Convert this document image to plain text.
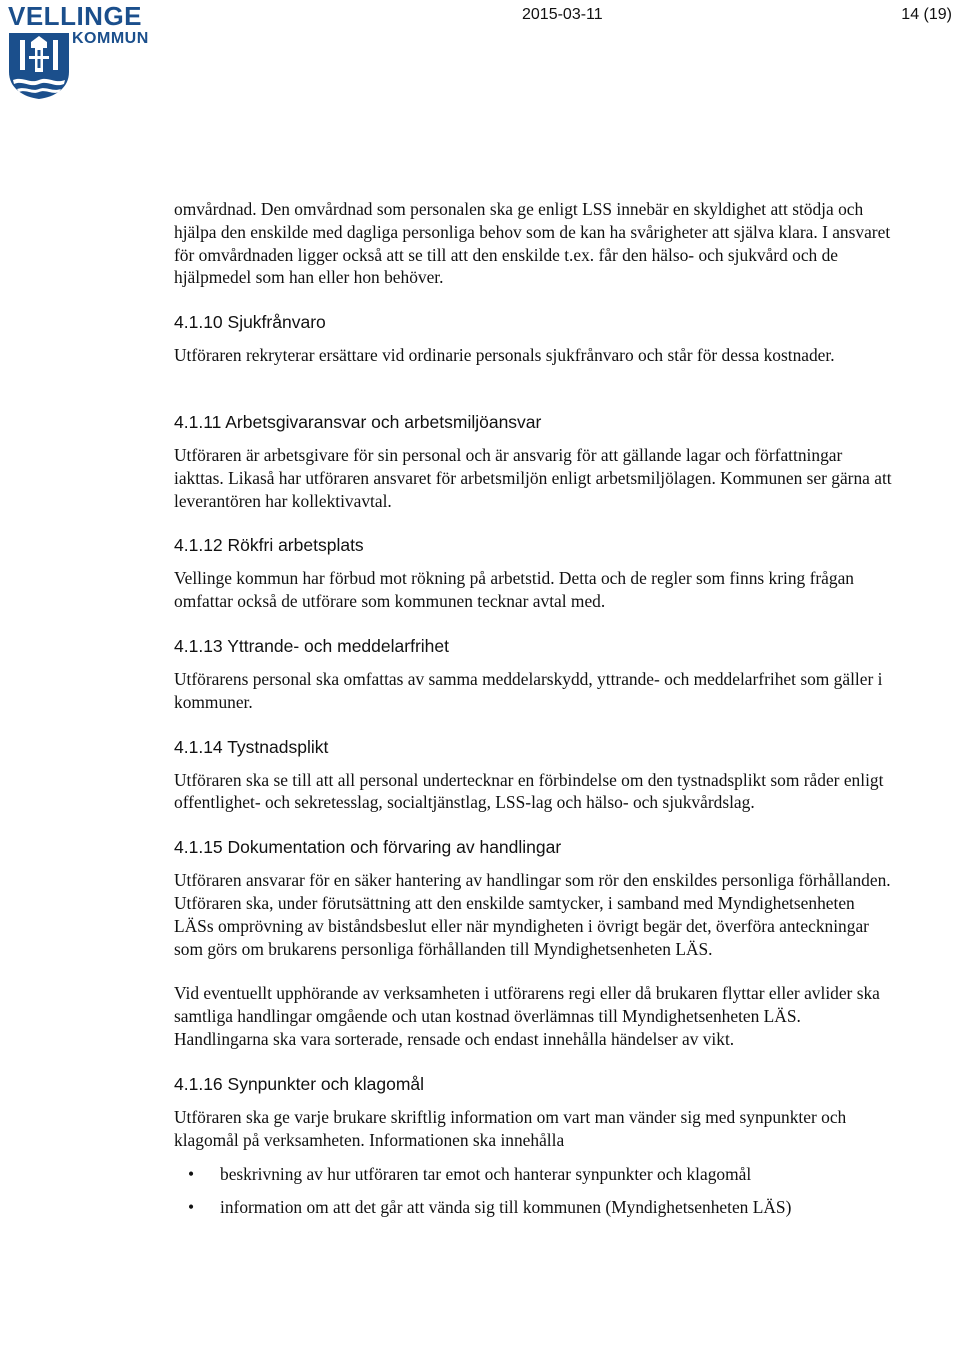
VELLINGE
KOMMUN
2015-03-11	14 (19)

omvårdnad. Den omvårdnad som personalen ska ge enligt LSS innebär en skyldighet att stödja och hjälpa den enskilde med dagliga personliga behov som de kan ha svårigheter att själva klara. I ansvaret för omvårdnaden ligger också att se till att den enskilde t.ex. får den hälso- och sjukvård och de hjälpmedel som han eller hon behöver.

4.1.10 Sjukfrånvaro

Utföraren rekryterar ersättare vid ordinarie personals sjukfrånvaro och står för dessa kostnader.

4.1.11 Arbetsgivaransvar och arbetsmiljöansvar

Utföraren är arbetsgivare för sin personal och är ansvarig för att gällande lagar och författningar iakttas. Likaså har utföraren ansvaret för arbetsmiljön enligt arbetsmiljölagen. Kommunen ser gärna att leverantören har kollektivavtal.

4.1.12 Rökfri arbetsplats

Vellinge kommun har förbud mot rökning på arbetstid. Detta och de regler som finns kring frågan omfattar också de utförare som kommunen tecknar avtal med.

4.1.13 Yttrande- och meddelarfrihet

Utförarens personal ska omfattas av samma meddelarskydd, yttrande- och meddelarfrihet som gäller i kommuner.

4.1.14 Tystnadsplikt

Utföraren ska se till att all personal undertecknar en förbindelse om den tystnadsplikt som råder enligt offentlighet- och sekretesslag, socialtjänstlag, LSS-lag och hälso- och sjukvårdslag.

4.1.15 Dokumentation och förvaring av handlingar

Utföraren ansvarar för en säker hantering av handlingar som rör den enskildes personliga förhållanden. Utföraren ska, under förutsättning att den enskilde samtycker, i samband med Myndighetsenheten LÄSs omprövning av biståndsbeslut eller när myndigheten i övrigt begär det, överföra anteckningar som görs om brukarens personliga förhållanden till Myndighetsenheten LÄS.

Vid eventuellt upphörande av verksamheten i utförarens regi eller då brukaren flyttar eller avlider ska samtliga handlingar omgående och utan kostnad överlämnas till Myndighetsenheten LÄS. Handlingarna ska vara sorterade, rensade och endast innehålla händelser av vikt.

4.1.16 Synpunkter och klagomål

Utföraren ska ge varje brukare skriftlig information om vart man vänder sig med synpunkter och klagomål på verksamheten. Informationen ska innehålla

• beskrivning av hur utföraren tar emot och hanterar synpunkter och klagomål
• information om att det går att vända sig till kommunen (Myndighetsenheten LÄS)
